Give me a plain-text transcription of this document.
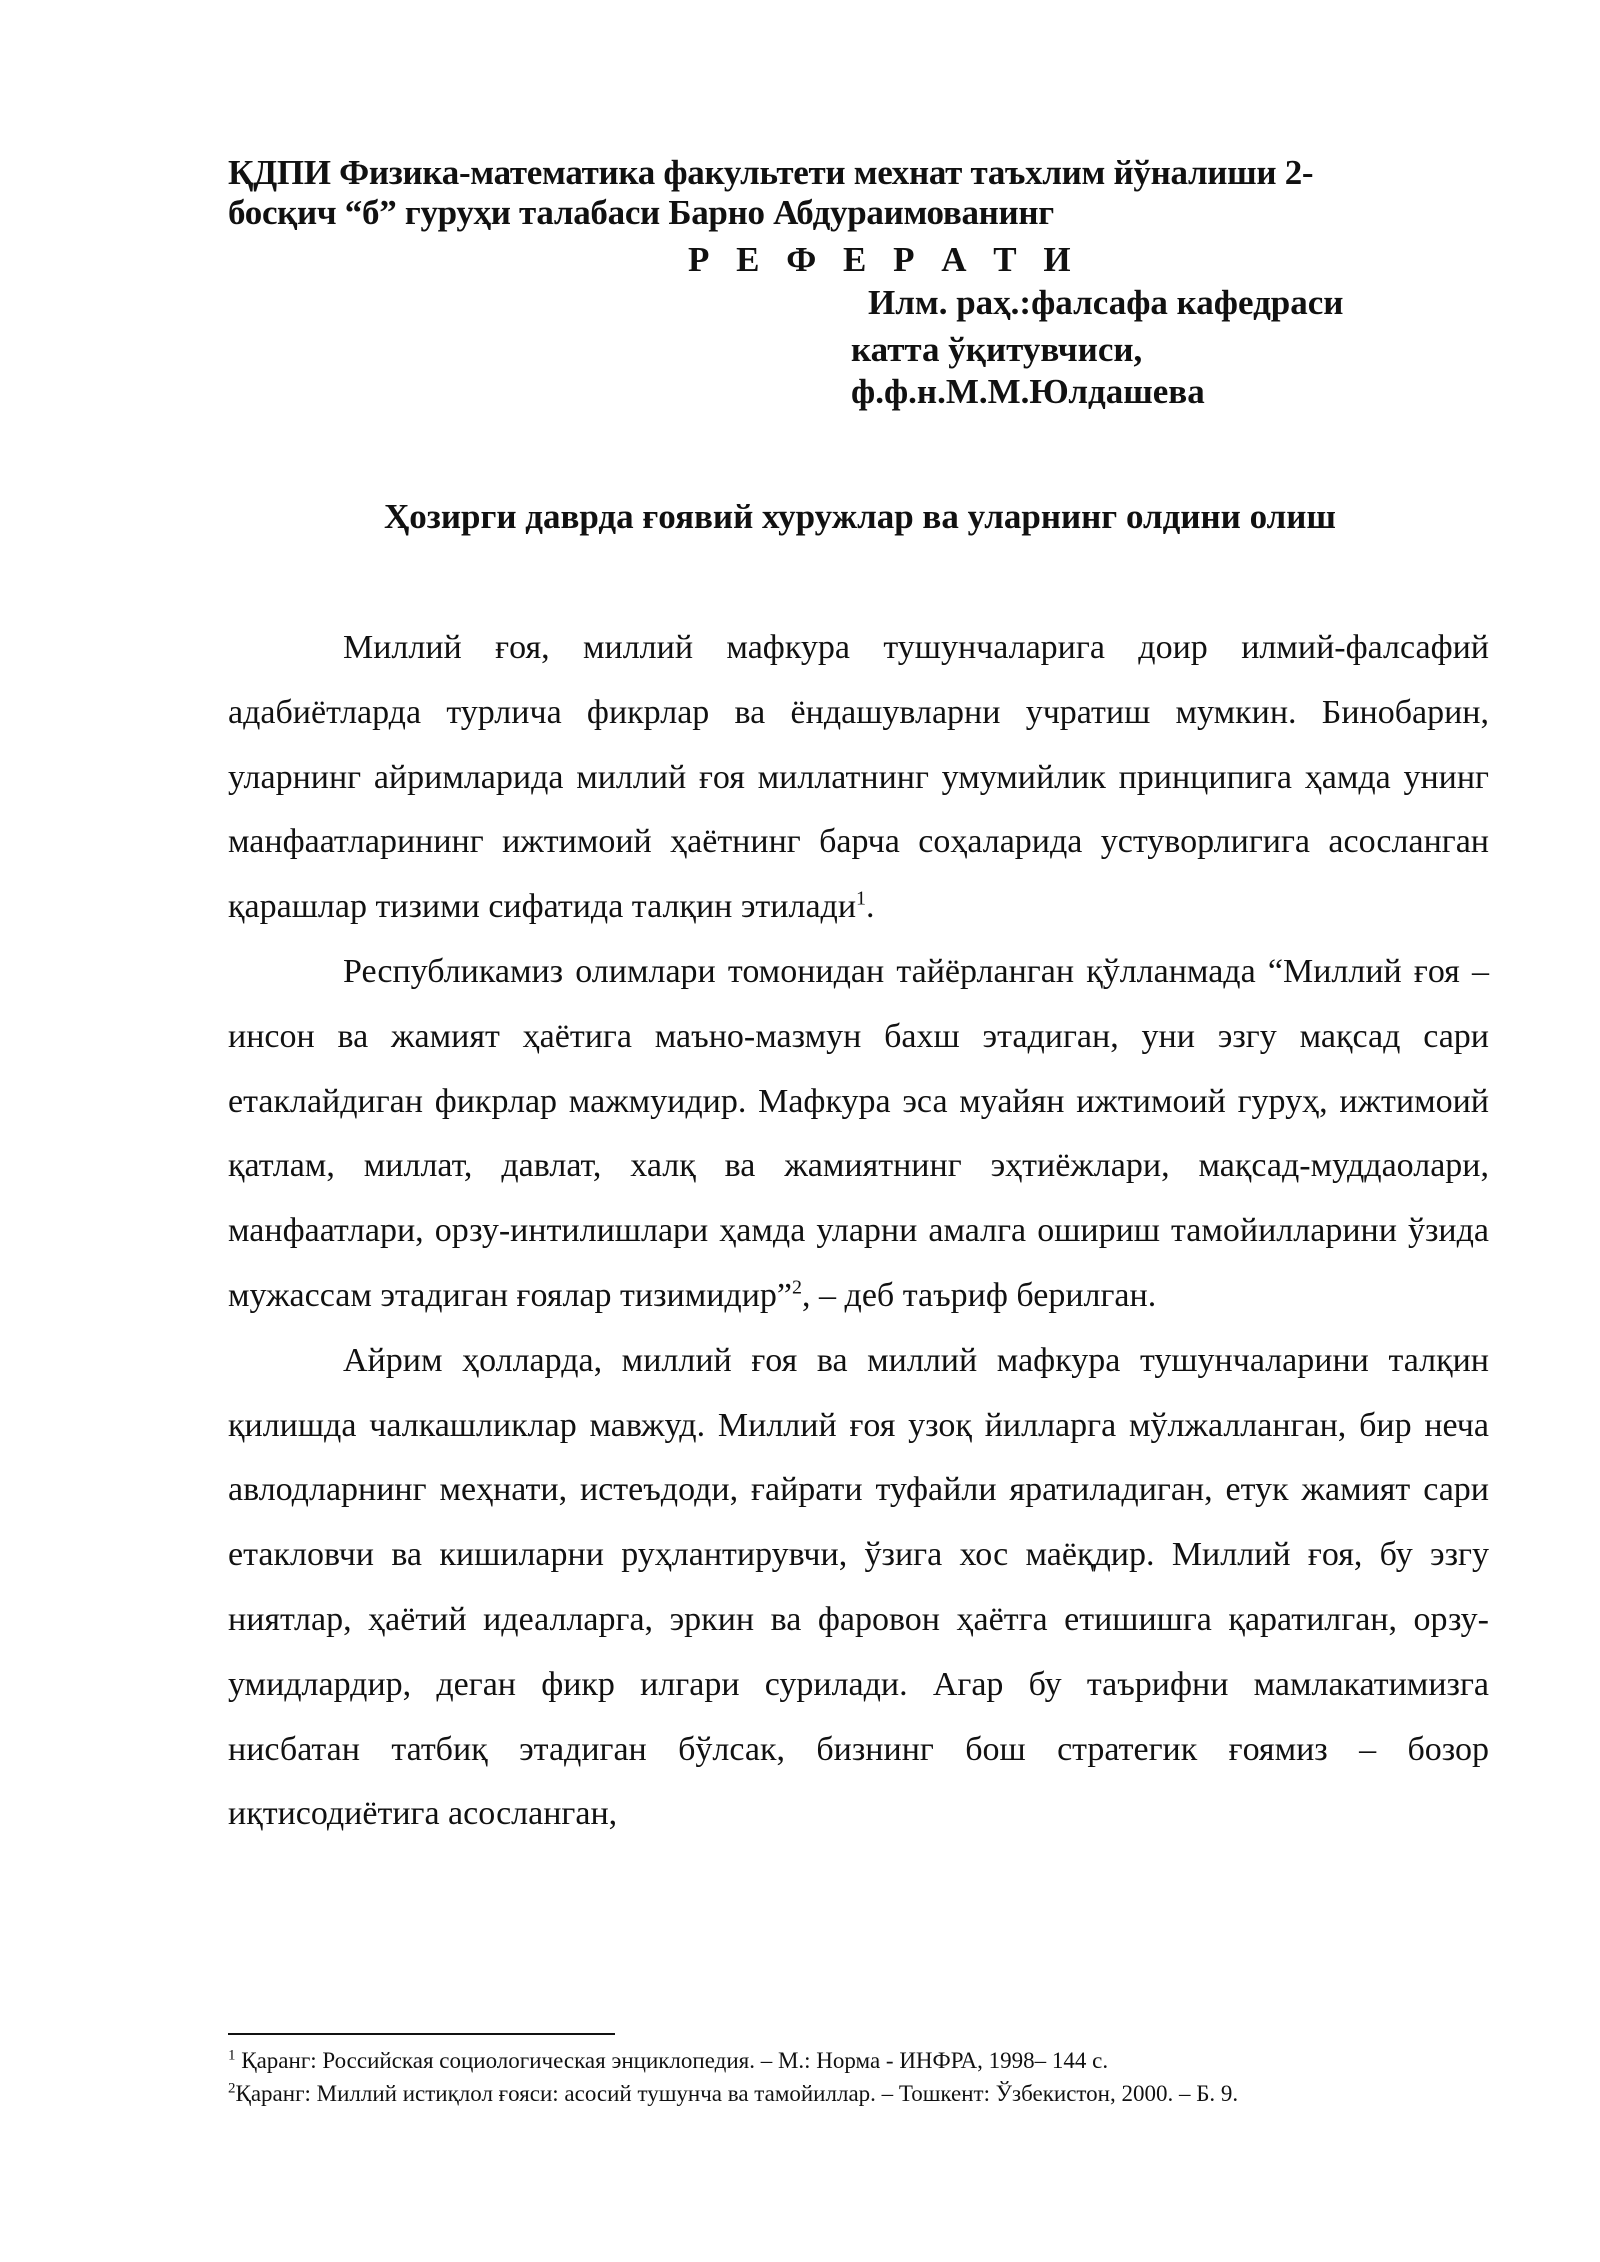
ҚДПИ Физика-математика факультети мехнат таъхлим йўналиши 2-
босқич “б” гуруҳи талабаси Барно Абдураимованинг
Р Е Ф Е Р А Т И
Илм. раҳ.:фалсафа кафедраси
катта ўқитувчиси,
ф.ф.н.М.М.Юлдашева
Ҳозирги даврда ғоявий хуружлар ва уларнинг олдини олиш

Миллий ғоя, миллий мафкура тушунчаларига доир илмий-фалсафий адабиётларда турлича фикрлар ва ёндашувларни учратиш мумкин. Бинобарин, уларнинг айримларида миллий ғоя миллатнинг умумийлик принципига ҳамда унинг манфаатларининг ижтимоий ҳаётнинг барча соҳаларида устуворлигига асосланган қарашлар тизими сифатида талқин этилади$^1$.

Республикамиз олимлари томонидан тайёрланган қўлланмада “Миллий ғоя – инсон ва жамият ҳаётига маъно-мазмун бахш этадиган, уни эзгу мақсад сари етаклайдиган фикрлар мажмуидир. Мафкура эса муайян ижтимоий гуруҳ, ижтимоий қатлам, миллат, давлат, халқ ва жамиятнинг эҳтиёжлари, мақсад-муддаолари, манфаатлари, орзу-интилишлари ҳамда уларни амалга ошириш тамойилларини ўзида мужассам этадиган ғоялар тизимидир”$^2$, – деб таъриф берилган.

Айрим ҳолларда, миллий ғоя ва миллий мафкура тушунчаларини талқин қилишда чалкашликлар мавжуд. Миллий ғоя узоқ йилларга мўлжалланган, бир неча авлодларнинг меҳнати, истеъдоди, ғайрати туфайли яратиладиган, етук жамият сари етакловчи ва кишиларни руҳлантирувчи, ўзига хос маёқдир. Миллий ғоя, бу эзгу ниятлар, ҳаётий идеалларга, эркин ва фаровон ҳаётга етишишга қаратилган, орзу-умидлардир, деган фикр илгари сурилади. Агар бу таърифни мамлакатимизга нисбатан татбиқ этадиган бўлсак, бизнинг бош стратегик ғоямиз – бозор иқтисодиётига асосланган,

$^1$ Қаранг: Российская социологическая энциклопедия. – М.: Норма - ИНФРА, 1998– 144 с.
$^2$Қаранг: Миллий истиқлол ғояси: асосий тушунча ва тамойиллар. – Тошкент: Ўзбекистон, 2000. – Б. 9.
